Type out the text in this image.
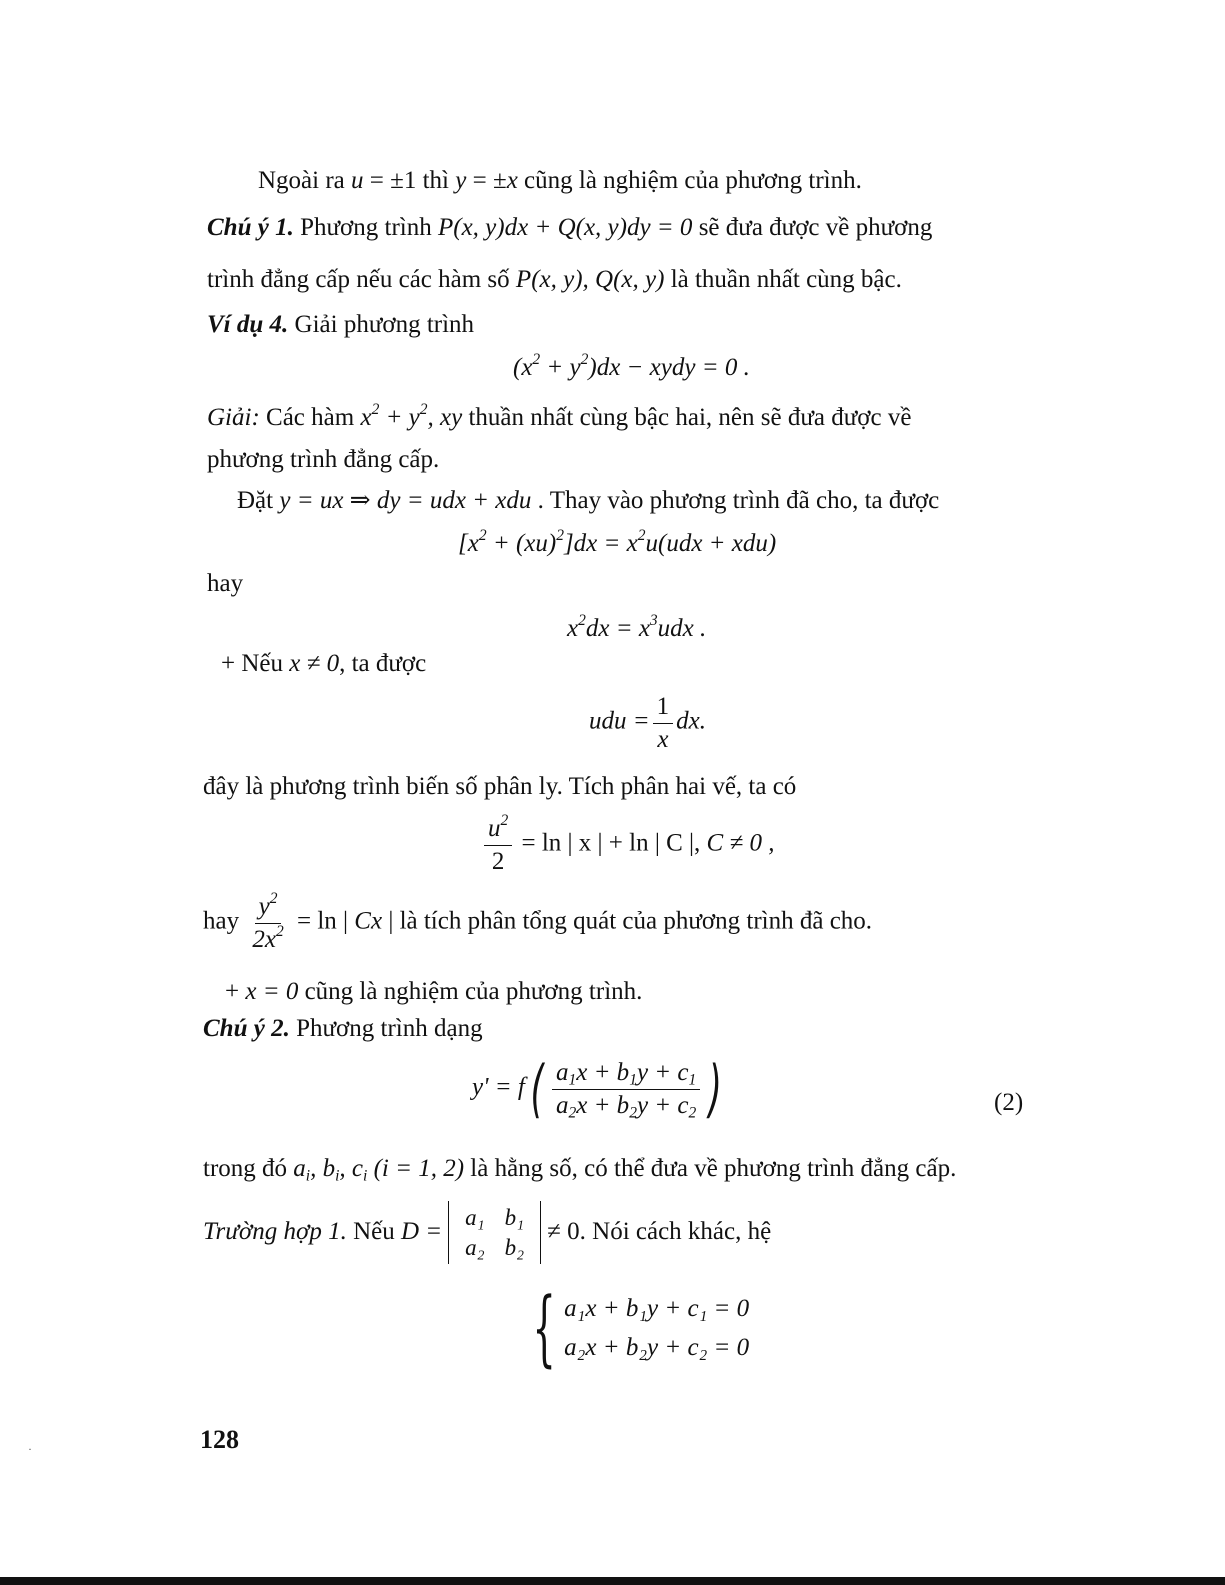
Ngoài ra u = ±1 thì y = ±x cũng là nghiệm của phương trình.
Chú ý 1. Phương trình P(x, y)dx + Q(x, y)dy = 0 sẽ đưa được về phương
trình đẳng cấp nếu các hàm số P(x, y), Q(x, y) là thuần nhất cùng bậc.
Ví dụ 4. Giải phương trình
$(x^2 + y^2)dx$ − xydy = 0 .
Giải: Các hàm $x^2 + y^2$, xy thuần nhất cùng bậc hai, nên sẽ đưa được về
phương trình đẳng cấp.
Đặt y = ux ⇒ dy = udx + xdu . Thay vào phương trình đã cho, ta được
$[x^2 + (xu)^2]dx = x^2u(udx + xdu)$
hay
$x^2dx = x^3udx$ .
+ Nếu x ≠ 0, ta được
udu = $\frac{1}{x}$ dx.
đây là phương trình biến số phân ly. Tích phân hai vế, ta có
$\frac{u^2}{2} = \ln$ | x | + ln | C |, C ≠ 0 ,
hay $\frac{y^2}{2x^2} = \ln$ | Cx | là tích phân tổng quát của phương trình đã cho.
+ x = 0 cũng là nghiệm của phương trình.
Chú ý 2. Phương trình dạng
$y' = f( \frac{a_1x + b_1y + c_1}{a_2x + b_2y + c_2}$ )	(2)
trong đó $a_i$, $b_i$, $c_i$ (i = 1, 2) là hằng số, có thể đưa về phương trình đẳng cấp.
Trường hợp 1. Nếu D =
a₁	b₁
a₂	b₂
≠ 0. Nói cách khác, hệ
{ a₁x + b₁y + c₁ = 0
a₂x + b₂y + c₂ = 0
128
·
